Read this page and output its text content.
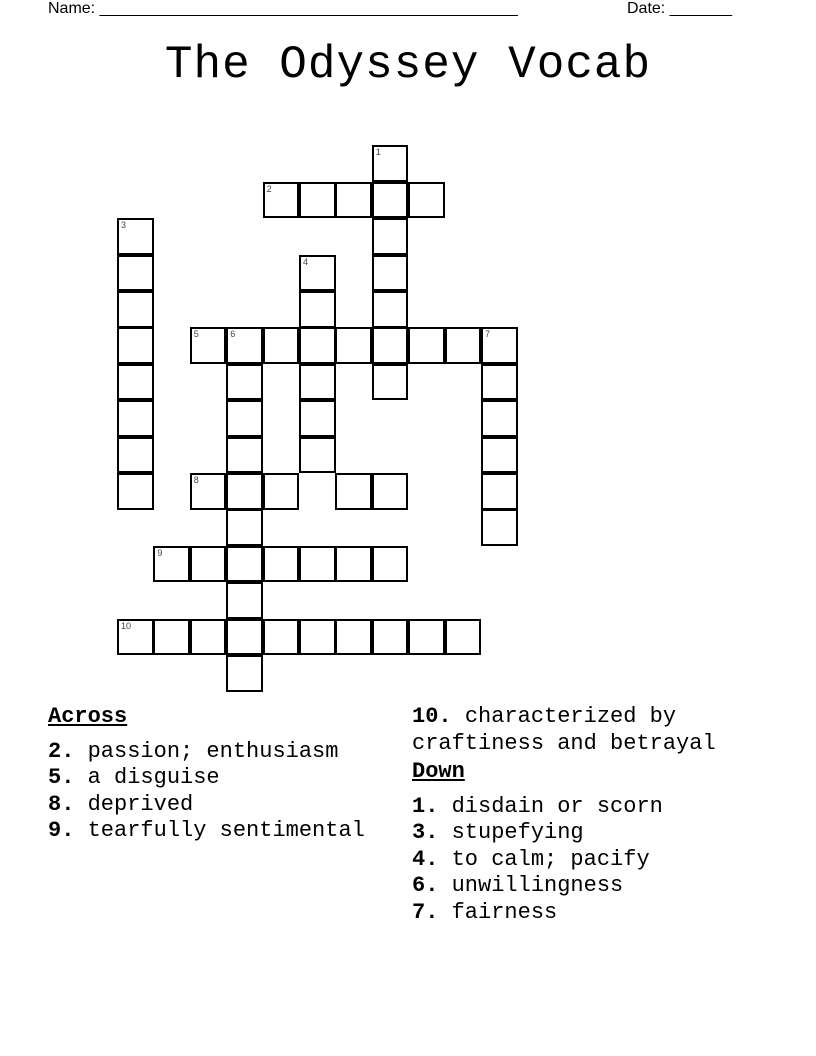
Name: _______________________________________________	Date: _______
The Odyssey Vocab
1
2
3
4
5	6	7
8
9
10
Across
2. passion; enthusiasm
5. a disguise
8. deprived
9. tearfully sentimental
10. characterized by craftiness and betrayal
Down
1. disdain or scorn
3. stupefying
4. to calm; pacify
6. unwillingness
7. fairness
